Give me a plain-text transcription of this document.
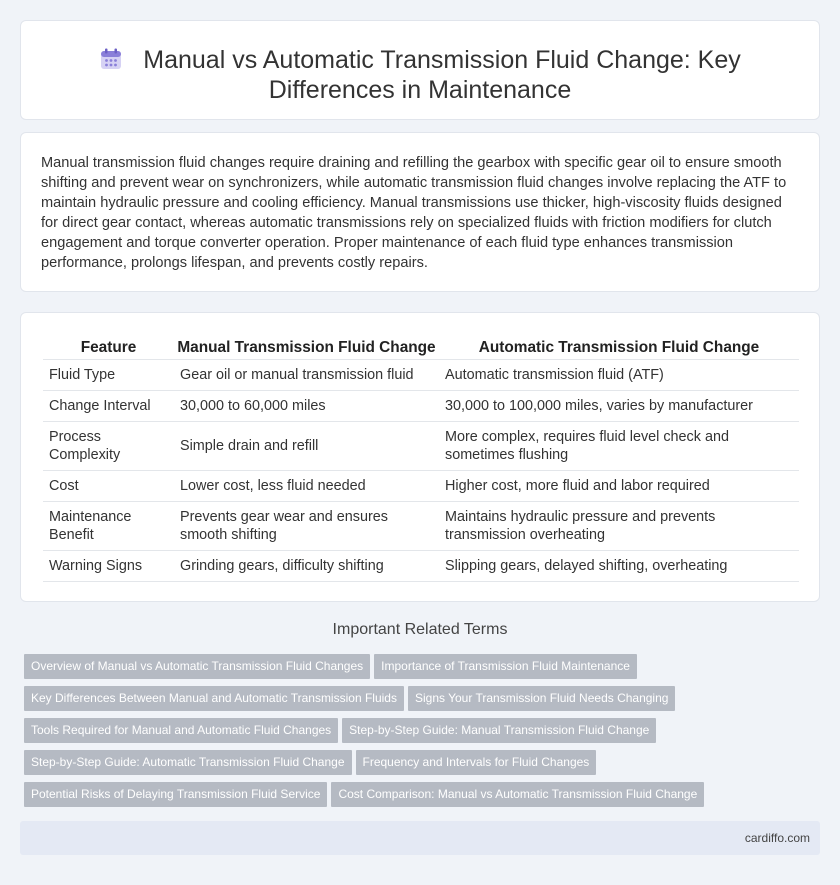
Manual vs Automatic Transmission Fluid Change: Key Differences in Maintenance

Manual transmission fluid changes require draining and refilling the gearbox with specific gear oil to ensure smooth shifting and prevent wear on synchronizers, while automatic transmission fluid changes involve replacing the ATF to maintain hydraulic pressure and cooling efficiency. Manual transmissions use thicker, high-viscosity fluids designed for direct gear contact, whereas automatic transmissions rely on specialized fluids with friction modifiers for clutch engagement and torque converter operation. Proper maintenance of each fluid type enhances transmission performance, prolongs lifespan, and prevents costly repairs.

Feature	Manual Transmission Fluid Change	Automatic Transmission Fluid Change
Fluid Type	Gear oil or manual transmission fluid	Automatic transmission fluid (ATF)
Change Interval	30,000 to 60,000 miles	30,000 to 100,000 miles, varies by manufacturer
Process Complexity	Simple drain and refill	More complex, requires fluid level check and sometimes flushing
Cost	Lower cost, less fluid needed	Higher cost, more fluid and labor required
Maintenance Benefit	Prevents gear wear and ensures smooth shifting	Maintains hydraulic pressure and prevents transmission overheating
Warning Signs	Grinding gears, difficulty shifting	Slipping gears, delayed shifting, overheating
Important Related Terms
Overview of Manual vs Automatic Transmission Fluid Changes Importance of Transmission Fluid Maintenance
Key Differences Between Manual and Automatic Transmission Fluids Signs Your Transmission Fluid Needs Changing
Tools Required for Manual and Automatic Fluid Changes Step-by-Step Guide: Manual Transmission Fluid Change
Step-by-Step Guide: Automatic Transmission Fluid Change Frequency and Intervals for Fluid Changes
Potential Risks of Delaying Transmission Fluid Service Cost Comparison: Manual vs Automatic Transmission Fluid Change
cardiffo.com
